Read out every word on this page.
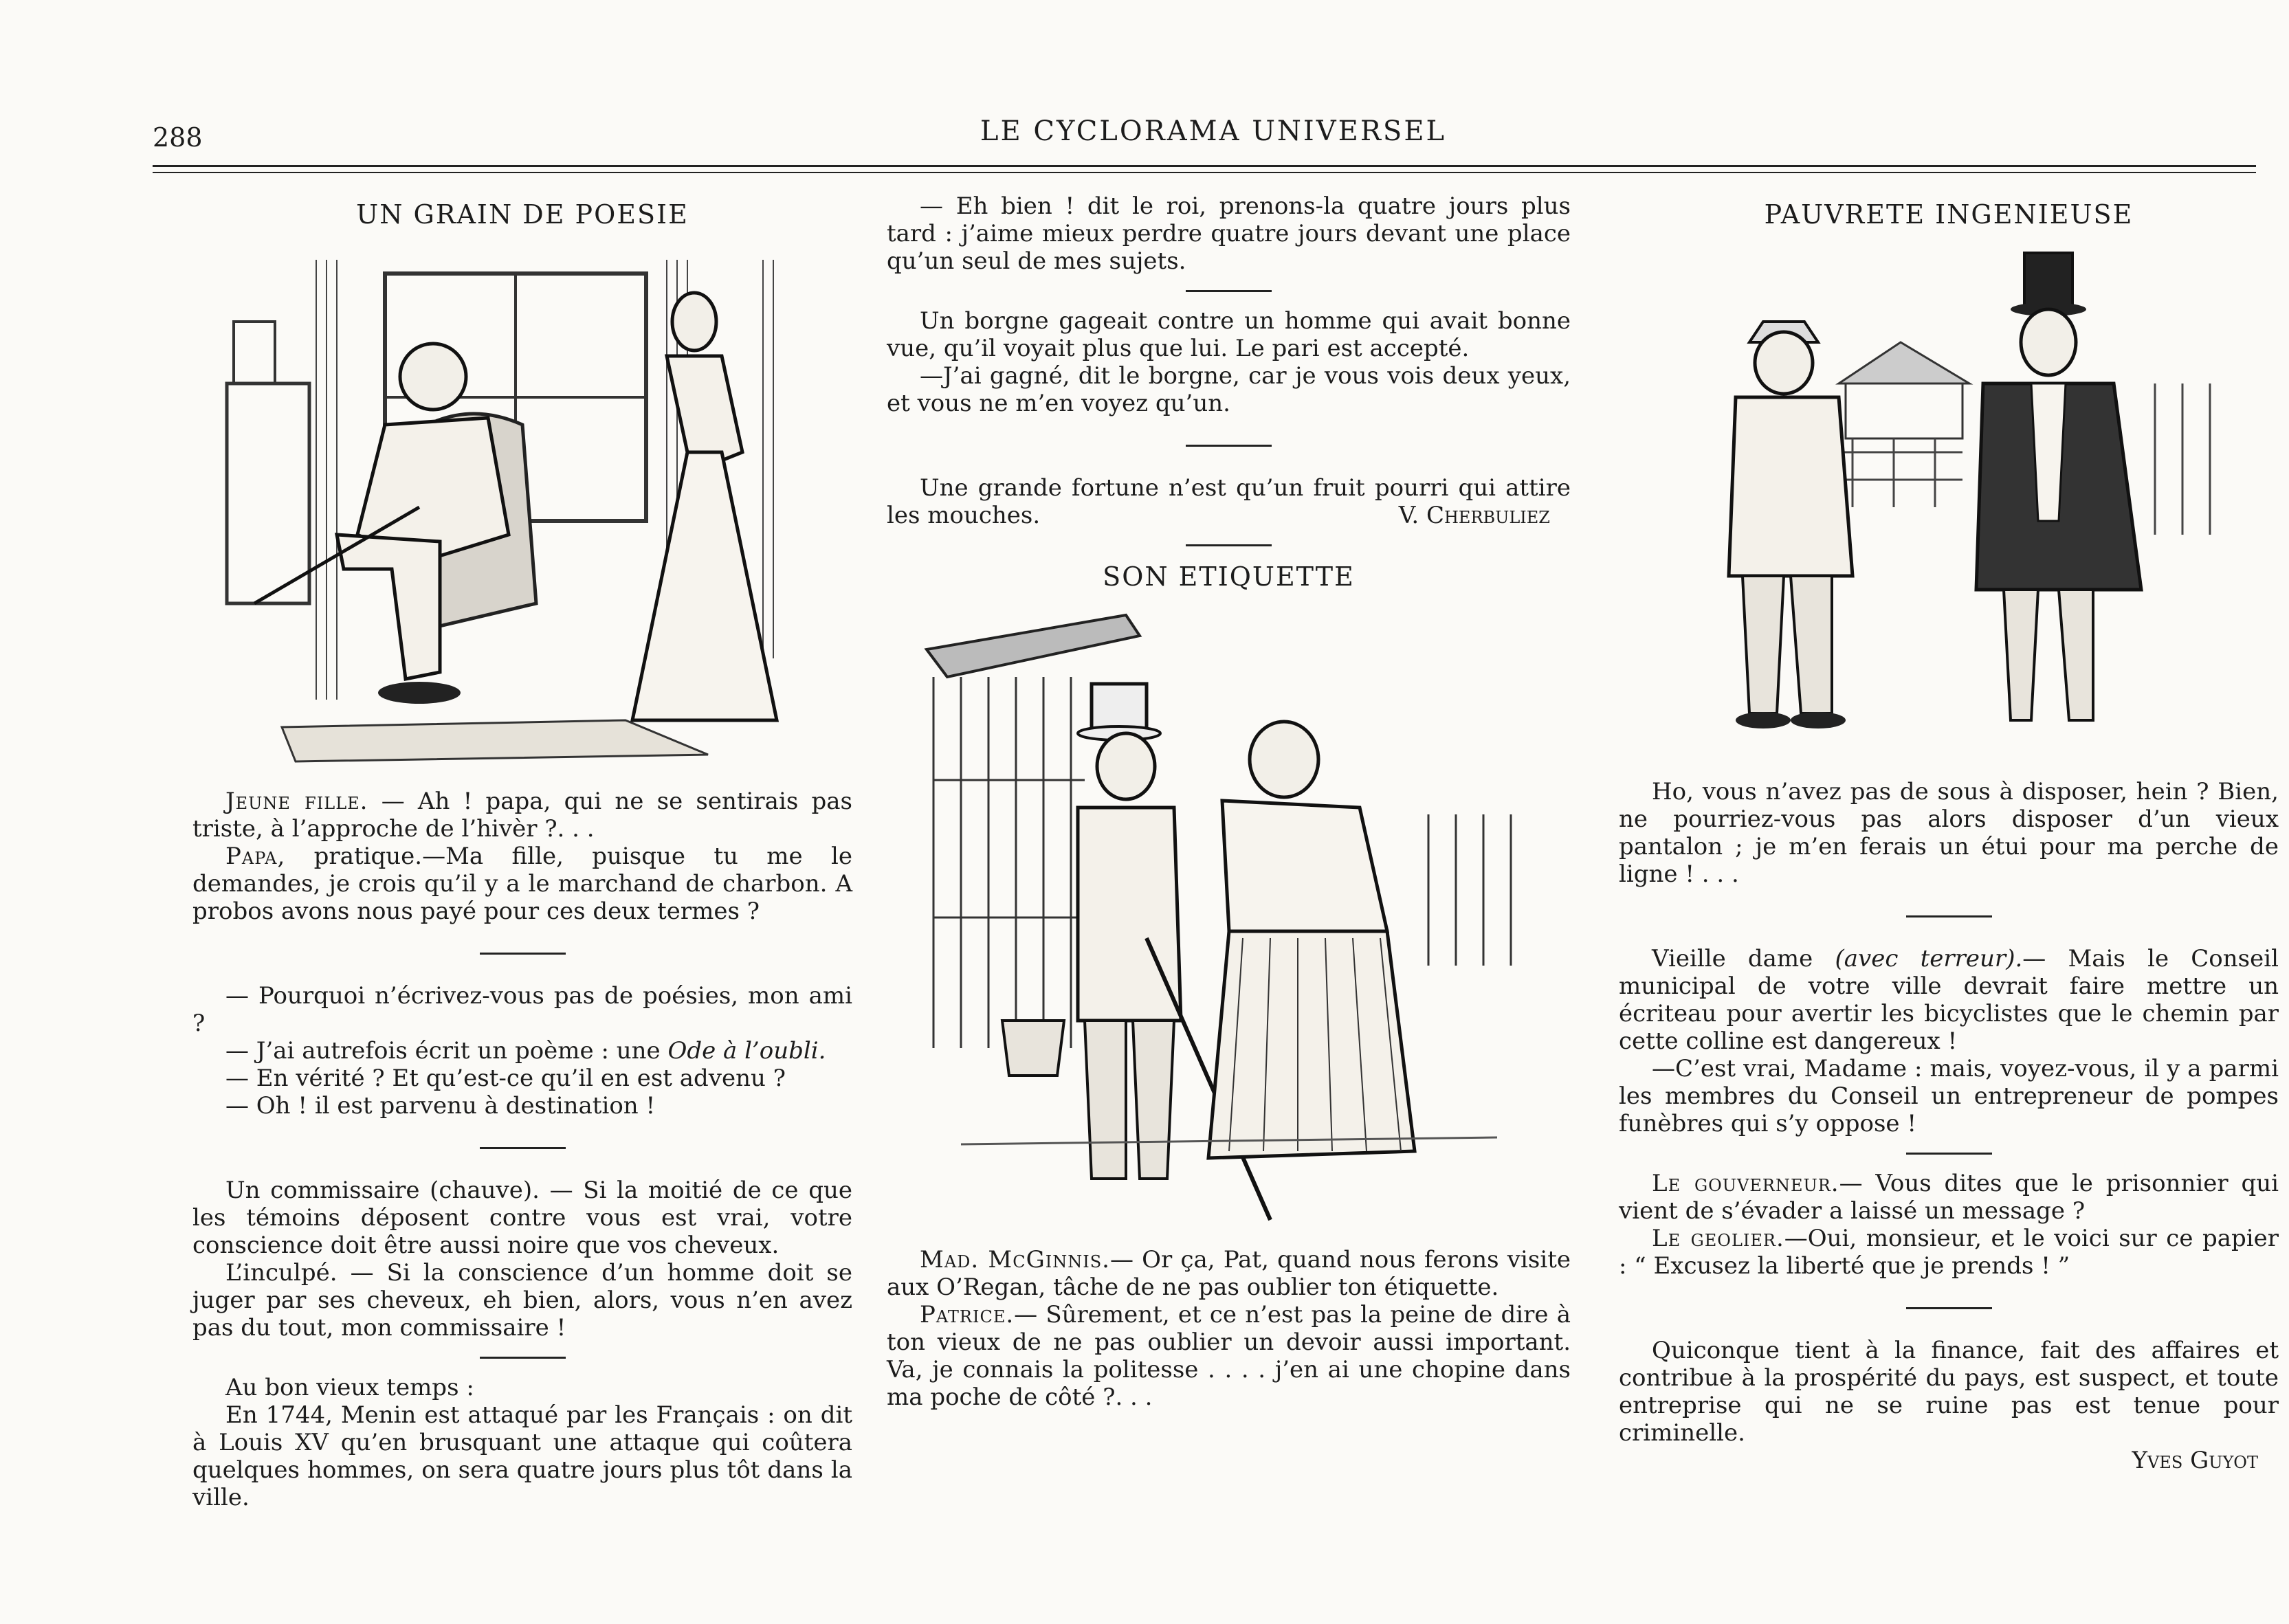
288	LE CYCLORAMA UNIVERSEL
UN GRAIN DE POESIE

Jeune fille. — Ah ! papa, qui ne se sentirais pas triste, à l’approche de l’hivèr ?. . .

Papa, pratique.—Ma fille, puisque tu me le demandes, je crois qu’il y a le marchand de charbon. A probos avons nous payé pour ces deux termes ?

— Pourquoi n’écrivez-vous pas de poésies, mon ami ?

— J’ai autrefois écrit un poème : une Ode à l’oubli.

— En vérité ? Et qu’est-ce qu’il en est advenu ?

— Oh ! il est parvenu à destination !

Un commissaire (chauve). — Si la moitié de ce que les témoins déposent contre vous est vrai, votre conscience doit être aussi noire que vos cheveux.

L’inculpé. — Si la conscience d’un homme doit se juger par ses cheveux, eh bien, alors, vous n’en avez pas du tout, mon commissaire !

Au bon vieux temps :

En 1744, Menin est attaqué par les Français : on dit à Louis XV qu’en brusquant une attaque qui coûtera quelques hommes, on sera quatre jours plus tôt dans la ville.

— Eh bien ! dit le roi, prenons-la quatre jours plus tard : j’aime mieux perdre quatre jours devant une place qu’un seul de mes sujets.

Un borgne gageait contre un homme qui avait bonne vue, qu’il voyait plus que lui. Le pari est accepté.

—J’ai gagné, dit le borgne, car je vous vois deux yeux, et vous ne m’en voyez qu’un.

Une grande fortune n’est qu’un fruit pourri qui attire les mouches.	V. Cherbuliez
SON ETIQUETTE

Mad. McGinnis.— Or ça, Pat, quand nous ferons visite aux O’Regan, tâche de ne pas oublier ton étiquette.

Patrice.— Sûrement, et ce n’est pas la peine de dire à ton vieux de ne pas oublier un devoir aussi important. Va, je connais la politesse . . . . j’en ai une chopine dans ma poche de côté ?. . .

PAUVRETE INGENIEUSE

Ho, vous n’avez pas de sous à disposer, hein ? Bien, ne pourriez-vous pas alors disposer d’un vieux pantalon ; je m’en ferais un étui pour ma perche de ligne ! . . .

Vieille dame (avec terreur).— Mais le Conseil municipal de votre ville devrait faire mettre un écriteau pour avertir les bicyclistes que le chemin par cette colline est dangereux !

—C’est vrai, Madame : mais, voyez-vous, il y a parmi les membres du Conseil un entrepreneur de pompes funèbres qui s’y oppose !

Le gouverneur.— Vous dites que le prisonnier qui vient de s’évader a laissé un message ?

Le geolier.—Oui, monsieur, et le voici sur ce papier : “ Excusez la liberté que je prends ! ”

Quiconque tient à la finance, fait des affaires et contribue à la prospérité du pays, est suspect, et toute entreprise qui ne se ruine pas est tenue pour criminelle.

Yves Guyot
